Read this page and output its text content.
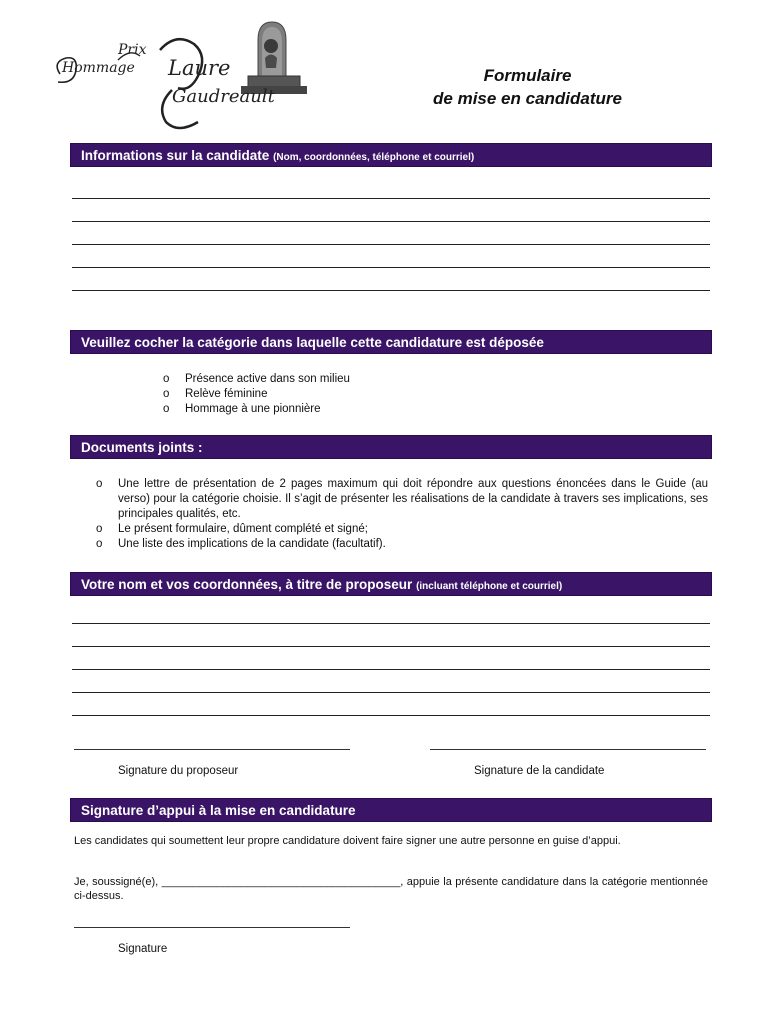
Prix
Hommage Laure
Gaudreault
Formulaire
de mise en candidature
Informations sur la candidate (Nom, coordonnées, téléphone et courriel)
Veuillez cocher la catégorie dans laquelle cette candidature est déposée
o Présence active dans son milieu
o Relève féminine
o Hommage à une pionnière
Documents joints :
o Une lettre de présentation de 2 pages maximum qui doit répondre aux questions énoncées dans le Guide (au verso) pour la catégorie choisie. Il s’agit de présenter les réalisations de la candidate à travers ses implications, ses principales qualités, etc.
o Le présent formulaire, dûment complété et signé;
o Une liste des implications de la candidate (facultatif).
Votre nom et vos coordonnées, à titre de proposeur (incluant téléphone et courriel)
Signature du proposeur	Signature de la candidate
Signature d’appui à la mise en candidature
Les candidates qui soumettent leur propre candidature doivent faire signer une autre personne en guise d’appui.
Je, soussigné(e), _______________________________________, appuie la présente candidature dans la catégorie mentionnée ci-dessus.
Signature
